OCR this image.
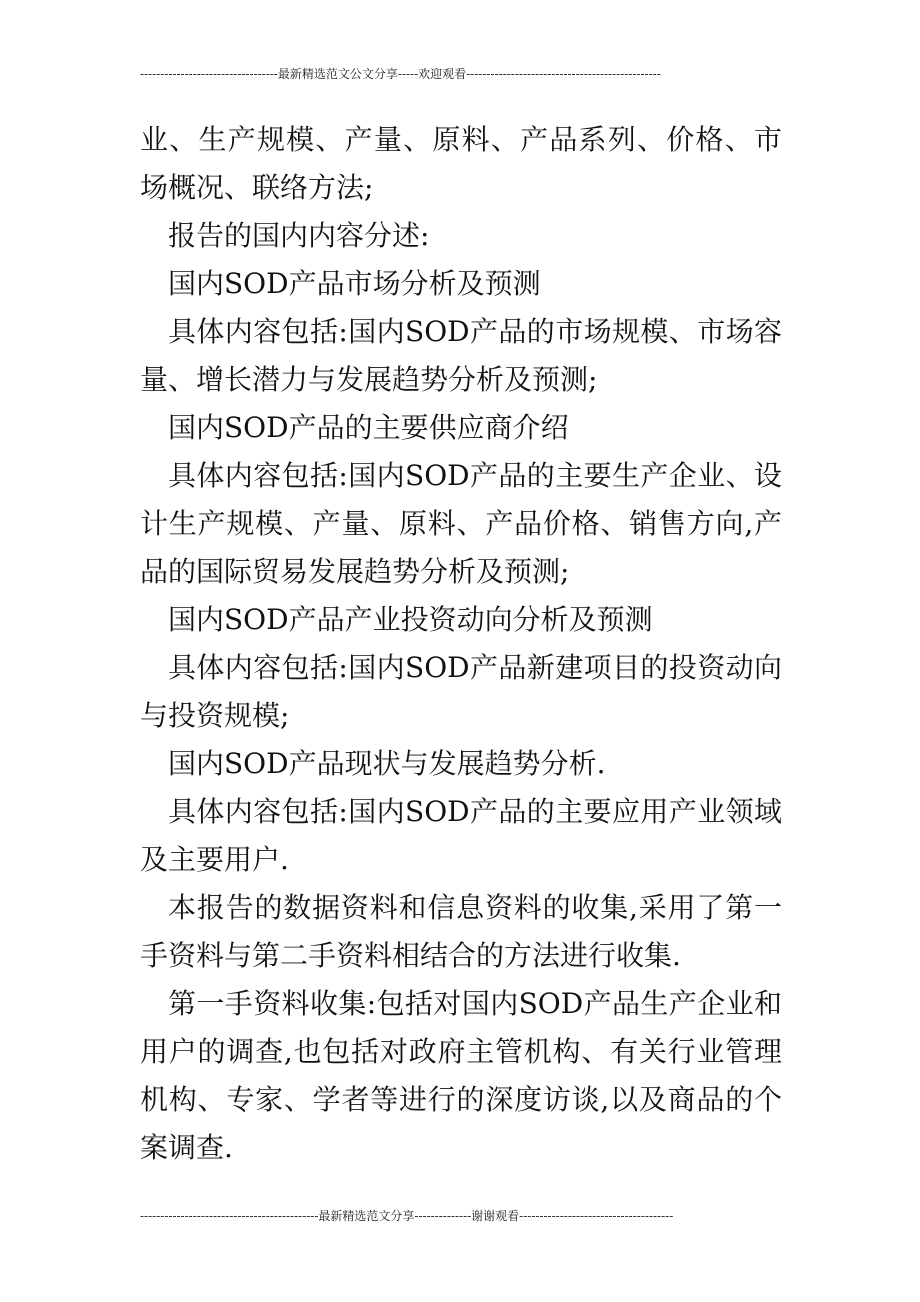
----------------------------------最新精选范文公文分享-----欢迎观看------------------------------------------------

业、生产规模、产量、原料、产品系列、价格、市场概况、联络方法;

报告的国内内容分述:

国内SOD产品市场分析及预测

具体内容包括:国内SOD产品的市场规模、市场容量、增长潜力与发展趋势分析及预测;

国内SOD产品的主要供应商介绍

具体内容包括:国内SOD产品的主要生产企业、设计生产规模、产量、原料、产品价格、销售方向,产品的国际贸易发展趋势分析及预测;

国内SOD产品产业投资动向分析及预测

具体内容包括:国内SOD产品新建项目的投资动向与投资规模;

国内SOD产品现状与发展趋势分析.

具体内容包括:国内SOD产品的主要应用产业领域及主要用户.

本报告的数据资料和信息资料的收集,采用了第一手资料与第二手资料相结合的方法进行收集.

第一手资料收集:包括对国内SOD产品生产企业和用户的调查,也包括对政府主管机构、有关行业管理机构、专家、学者等进行的深度访谈,以及商品的个案调查.

--------------------------------------------最新精选范文分享--------------谢谢观看--------------------------------------
